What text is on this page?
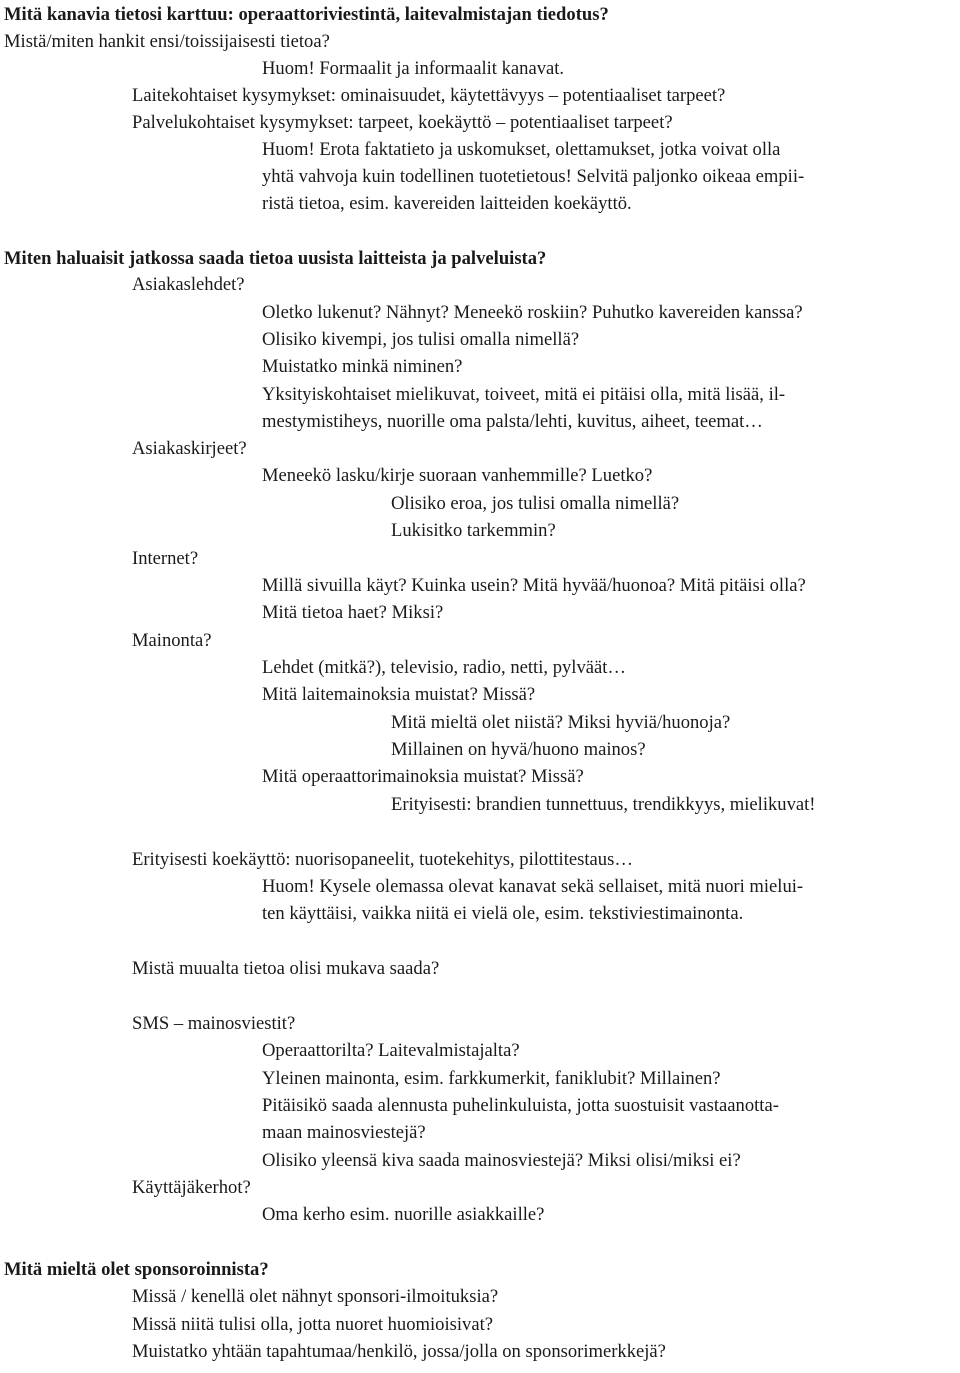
Mitä kanavia tietosi karttuu: operaattoriviestintä, laitevalmistajan tiedotus?
Mistä/miten hankit ensi/toissijaisesti tietoa?
Huom! Formaalit ja informaalit kanavat.
Laitekohtaiset kysymykset: ominaisuudet, käytettävyys – potentiaaliset tarpeet?
Palvelukohtaiset kysymykset: tarpeet, koekäyttö – potentiaaliset tarpeet?
Huom! Erota faktatieto ja uskomukset, olettamukset, jotka voivat olla
yhtä vahvoja kuin todellinen tuotetietous! Selvitä paljonko oikeaa empii-
ristä tietoa, esim. kavereiden laitteiden koekäyttö.
Miten haluaisit jatkossa saada tietoa uusista laitteista ja palveluista?
Asiakaslehdet?
Oletko lukenut? Nähnyt? Meneekö roskiin? Puhutko kavereiden kanssa?
Olisiko kivempi, jos tulisi omalla nimellä?
Muistatko minkä niminen?
Yksityiskohtaiset mielikuvat, toiveet, mitä ei pitäisi olla, mitä lisää, il-
mestymistiheys, nuorille oma palsta/lehti, kuvitus, aiheet, teemat…
Asiakaskirjeet?
Meneekö lasku/kirje suoraan vanhemmille? Luetko?
Olisiko eroa, jos tulisi omalla nimellä?
Lukisitko tarkemmin?
Internet?
Millä sivuilla käyt? Kuinka usein? Mitä hyvää/huonoa? Mitä pitäisi olla?
Mitä tietoa haet? Miksi?
Mainonta?
Lehdet (mitkä?), televisio, radio, netti, pylväät…
Mitä laitemainoksia muistat? Missä?
Mitä mieltä olet niistä? Miksi hyviä/huonoja?
Millainen on hyvä/huono mainos?
Mitä operaattorimainoksia muistat? Missä?
Erityisesti: brandien tunnettuus, trendikkyys, mielikuvat!
Erityisesti koekäyttö: nuorisopaneelit, tuotekehitys, pilottitestaus…
Huom! Kysele olemassa olevat kanavat sekä sellaiset, mitä nuori mielui-
ten käyttäisi, vaikka niitä ei vielä ole, esim. tekstiviestimainonta.
Mistä muualta tietoa olisi mukava saada?
SMS – mainosviestit?
Operaattorilta? Laitevalmistajalta?
Yleinen mainonta, esim. farkkumerkit, faniklubit? Millainen?
Pitäisikö saada alennusta puhelinkuluista, jotta suostuisit vastaanotta-
maan mainosviestejä?
Olisiko yleensä kiva saada mainosviestejä? Miksi olisi/miksi ei?
Käyttäjäkerhot?
Oma kerho esim. nuorille asiakkaille?
Mitä mieltä olet sponsoroinnista?
Missä / kenellä olet nähnyt sponsori-ilmoituksia?
Missä niitä tulisi olla, jotta nuoret huomioisivat?
Muistatko yhtään tapahtumaa/henkilö, jossa/jolla on sponsorimerkkejä?
